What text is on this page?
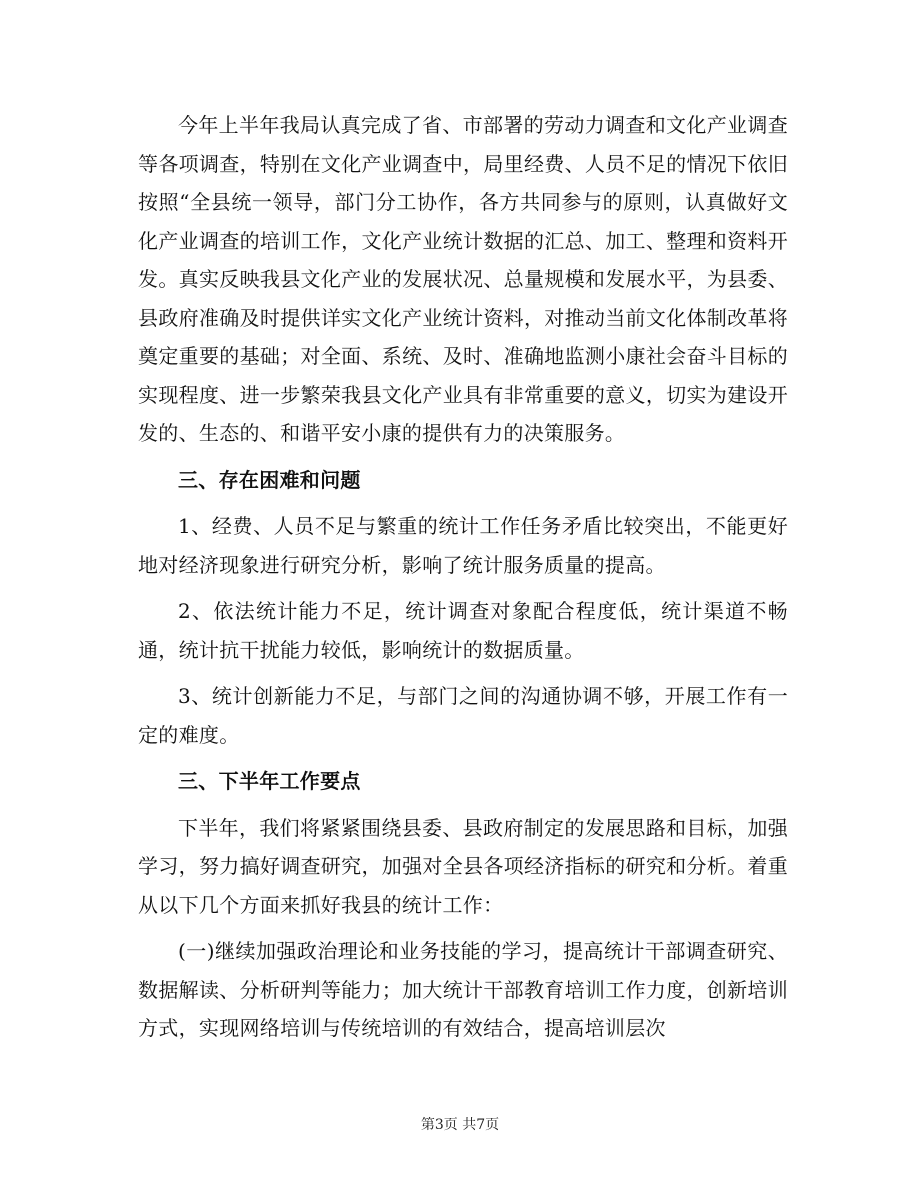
今年上半年我局认真完成了省、市部署的劳动力调查和文化产业调查等各项调查，特别在文化产业调查中，局里经费、人员不足的情况下依旧按照“全县统一领导，部门分工协作，各方共同参与的原则，认真做好文化产业调查的培训工作，文化产业统计数据的汇总、加工、整理和资料开发。真实反映我县文化产业的发展状况、总量规模和发展水平，为县委、县政府准确及时提供详实文化产业统计资料，对推动当前文化体制改革将奠定重要的基础；对全面、系统、及时、准确地监测小康社会奋斗目标的实现程度、进一步繁荣我县文化产业具有非常重要的意义，切实为建设开发的、生态的、和谐平安小康的提供有力的决策服务。

三、存在困难和问题

1、经费、人员不足与繁重的统计工作任务矛盾比较突出，不能更好地对经济现象进行研究分析，影响了统计服务质量的提高。

2、依法统计能力不足，统计调查对象配合程度低，统计渠道不畅通，统计抗干扰能力较低，影响统计的数据质量。

3、统计创新能力不足，与部门之间的沟通协调不够，开展工作有一定的难度。

三、下半年工作要点

下半年，我们将紧紧围绕县委、县政府制定的发展思路和目标，加强学习，努力搞好调查研究，加强对全县各项经济指标的研究和分析。着重从以下几个方面来抓好我县的统计工作：

(一)继续加强政治理论和业务技能的学习，提高统计干部调查研究、数据解读、分析研判等能力；加大统计干部教育培训工作力度，创新培训方式，实现网络培训与传统培训的有效结合，提高培训层次

第3页 共7页
